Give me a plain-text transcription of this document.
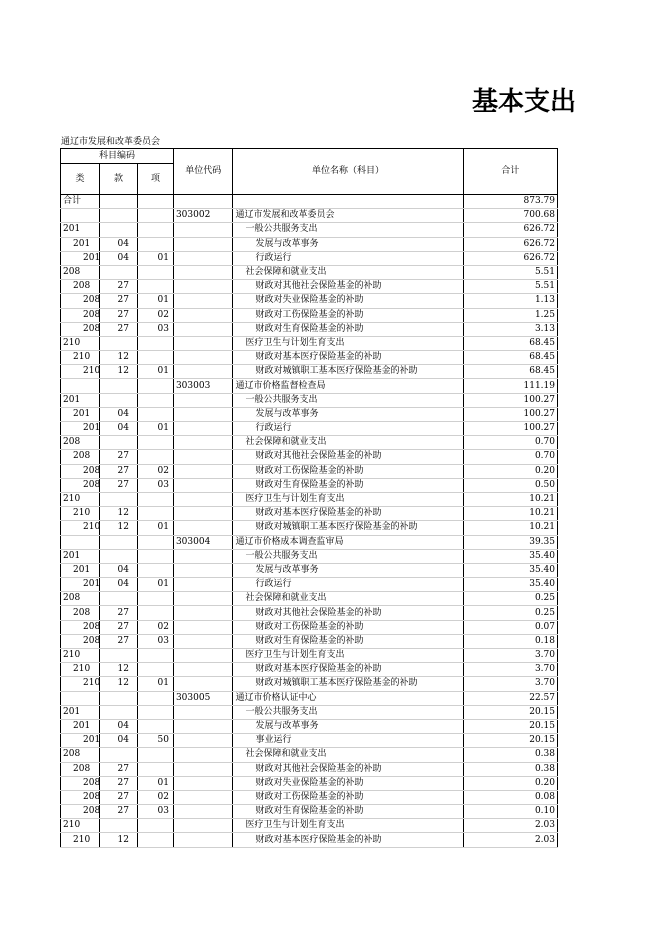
基本支出
通辽市发展和改革委员会
科目编码			单位代码	单位名称（科目）	合计
类	款	项			
合计					873.79
			303002	通辽市发展和改革委员会	700.68
201				一般公共服务支出	626.72
201	04			发展与改革事务	626.72
201	04	01		行政运行	626.72
208				社会保障和就业支出	5.51
208	27			财政对其他社会保险基金的补助	5.51
208	27	01		财政对失业保险基金的补助	1.13
208	27	02		财政对工伤保险基金的补助	1.25
208	27	03		财政对生育保险基金的补助	3.13
210				医疗卫生与计划生育支出	68.45
210	12			财政对基本医疗保险基金的补助	68.45
210	12	01		财政对城镇职工基本医疗保险基金的补助	68.45
			303003	通辽市价格监督检查局	111.19
201				一般公共服务支出	100.27
201	04			发展与改革事务	100.27
201	04	01		行政运行	100.27
208				社会保障和就业支出	0.70
208	27			财政对其他社会保险基金的补助	0.70
208	27	02		财政对工伤保险基金的补助	0.20
208	27	03		财政对生育保险基金的补助	0.50
210				医疗卫生与计划生育支出	10.21
210	12			财政对基本医疗保险基金的补助	10.21
210	12	01		财政对城镇职工基本医疗保险基金的补助	10.21
			303004	通辽市价格成本调查监审局	39.35
201				一般公共服务支出	35.40
201	04			发展与改革事务	35.40
201	04	01		行政运行	35.40
208				社会保障和就业支出	0.25
208	27			财政对其他社会保险基金的补助	0.25
208	27	02		财政对工伤保险基金的补助	0.07
208	27	03		财政对生育保险基金的补助	0.18
210				医疗卫生与计划生育支出	3.70
210	12			财政对基本医疗保险基金的补助	3.70
210	12	01		财政对城镇职工基本医疗保险基金的补助	3.70
			303005	通辽市价格认证中心	22.57
201				一般公共服务支出	20.15
201	04			发展与改革事务	20.15
201	04	50		事业运行	20.15
208				社会保障和就业支出	0.38
208	27			财政对其他社会保险基金的补助	0.38
208	27	01		财政对失业保险基金的补助	0.20
208	27	02		财政对工伤保险基金的补助	0.08
208	27	03		财政对生育保险基金的补助	0.10
210				医疗卫生与计划生育支出	2.03
210	12			财政对基本医疗保险基金的补助	2.03
